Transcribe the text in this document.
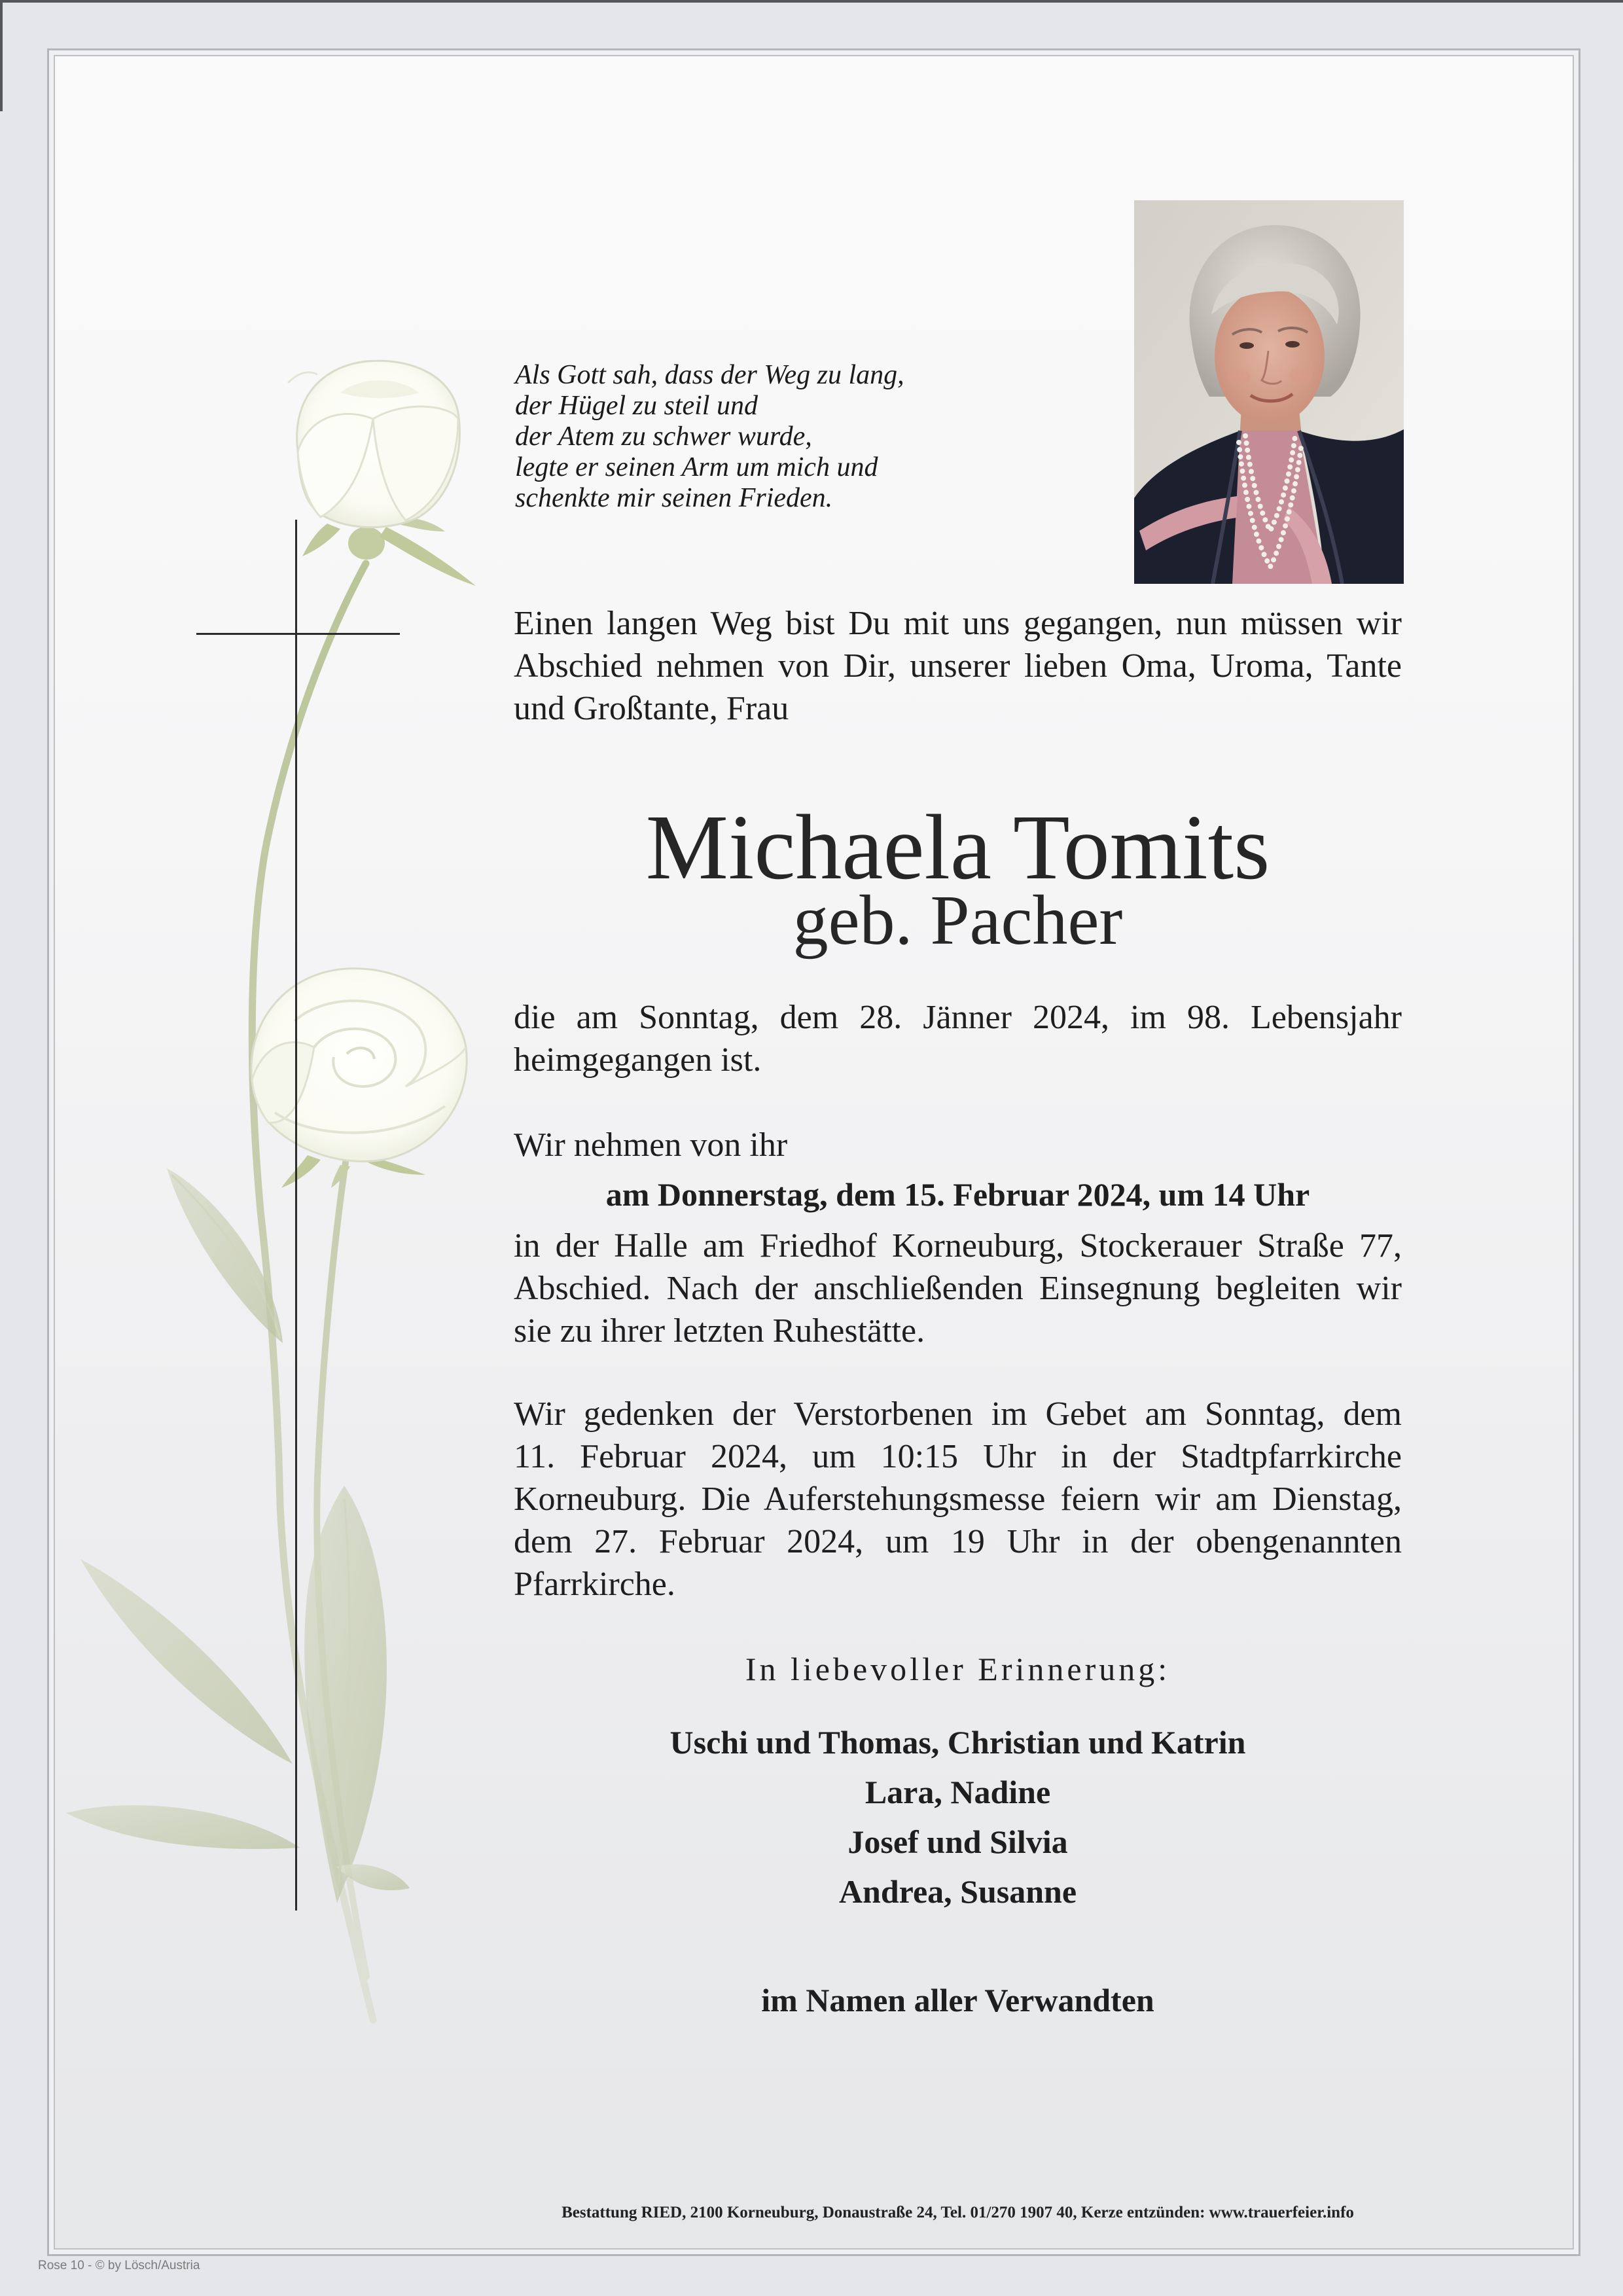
Als Gott sah, dass der Weg zu lang,
der Hügel zu steil und
der Atem zu schwer wurde,
legte er seinen Arm um mich und
schenkte mir seinen Frieden.
Einen langen Weg bist Du mit uns gegangen, nun müssen wir
Abschied nehmen von Dir, unserer lieben Oma, Uroma, Tante
und Großtante, Frau
Michaela Tomits
geb. Pacher
die am Sonntag, dem 28. Jänner 2024, im 98. Lebensjahr
heimgegangen ist.
Wir nehmen von ihr
am Donnerstag, dem 15. Februar 2024, um 14 Uhr
in der Halle am Friedhof Korneuburg, Stockerauer Straße 77,
Abschied. Nach der anschließenden Einsegnung begleiten wir
sie zu ihrer letzten Ruhestätte.
Wir gedenken der Verstorbenen im Gebet am Sonntag, dem
11. Februar 2024, um 10:15 Uhr in der Stadtpfarrkirche
Korneuburg. Die Auferstehungsmesse feiern wir am Dienstag,
dem 27. Februar 2024, um 19 Uhr in der obengenannten
Pfarrkirche.
In liebevoller Erinnerung:
Uschi und Thomas, Christian und Katrin
Lara, Nadine
Josef und Silvia
Andrea, Susanne
im Namen aller Verwandten
Bestattung RIED, 2100 Korneuburg, Donaustraße 24, Tel. 01/270 1907 40, Kerze entzünden: www.trauerfeier.info
Rose 10 - © by Lösch/Austria
